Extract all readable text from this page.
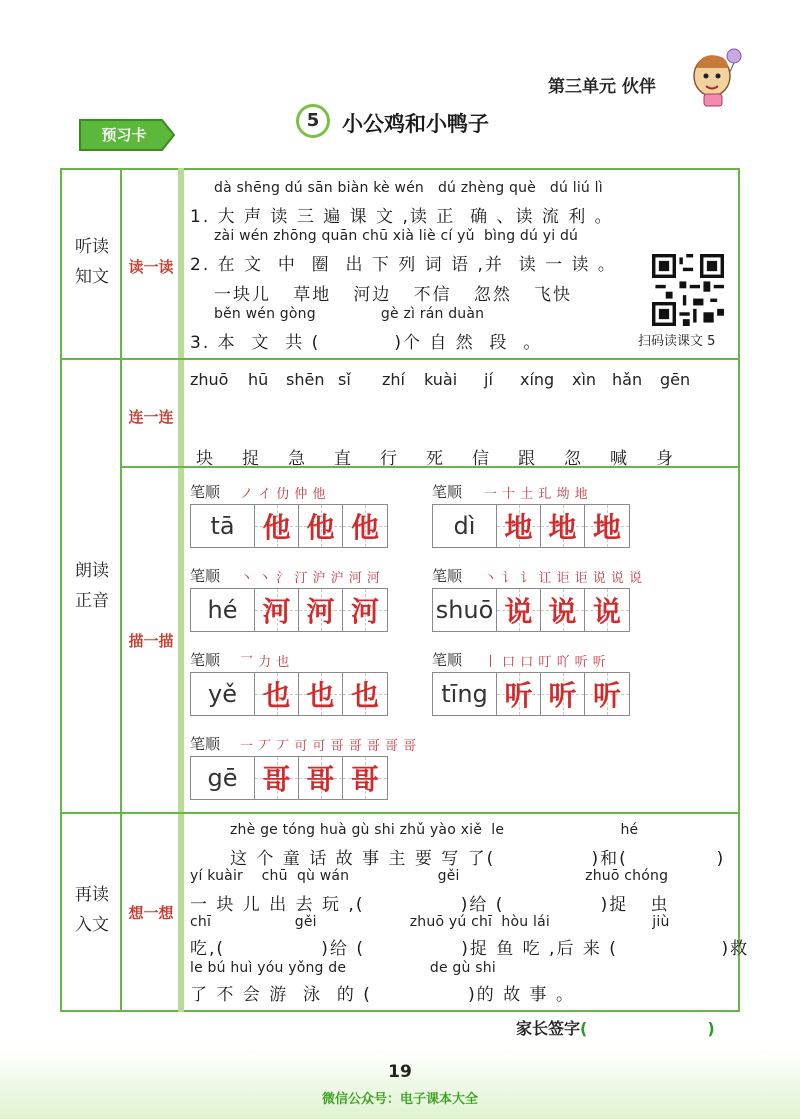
第三单元 伙伴
预习卡
5	小公鸡和小鸭子
听读
知文	读一读
朗读
正音
连一连
描一描
再读
入文
想一想
dà shēng dú sān biàn kè wén   dú zhèng què   dú liú lì
1. 大 声 读 三 遍 课 文 ,读 正  确 、读 流 利 。
zài wén zhōng quān chū xià liè cí yǔ  bìng dú yi dú
2. 在 文  中  圈  出 下 列 词 语 ,并  读 一 读 。
一块儿   草地   河边   不信   忽然   飞快
běn wén gòng              gè zì rán duàn
3. 本  文  共 (          )个 自 然  段  。	扫码读课文 5
zhuō hū shēn sǐ zhí kuài jí xíng xìn hǎn gēn
块 捉 急 直 行 死 信 跟 忽 喊 身
笔顺 ノ イ 仂 仲 他
tā 他 他 他
笔顺 一 十 土 玌 坳 地
dì	地 地 地
笔顺 丶 丶 氵 汀 沪 沪 河 河
hé 河 河 河
笔顺 丶 讠 讠 讧 讵 讵 说 说 说
shuō 说 说 说
笔顺 乛 力 也
yě 也 也 也
笔顺 丨 口 口 叮 吖 听 听
tīng 听 听 听
笔顺 一 丆 丆 可 可 哥 哥 哥 哥 哥
gē 哥 哥 哥
zhè ge tóng huà gù shi zhǔ yào xiě  le                         hé
这 个 童 话 故 事 主 要 写 了(             )和(            )
yí kuàir    chū  qù wán                   gěi                           zhuō chóng
一 块 儿 出 去 玩 ,(             )给 (             )捉   虫
chī                  gěi                    zhuō yú chī  hòu lái                      jiù
吃,(             )给 (             )捉 鱼 吃 ,后 来 (              )救
le bú huì yóu yǒng de                  de gù shi
了 不 会 游  泳  的 (             )的 故 事 。
家长签字(	)
19
微信公众号：电子课本大全
